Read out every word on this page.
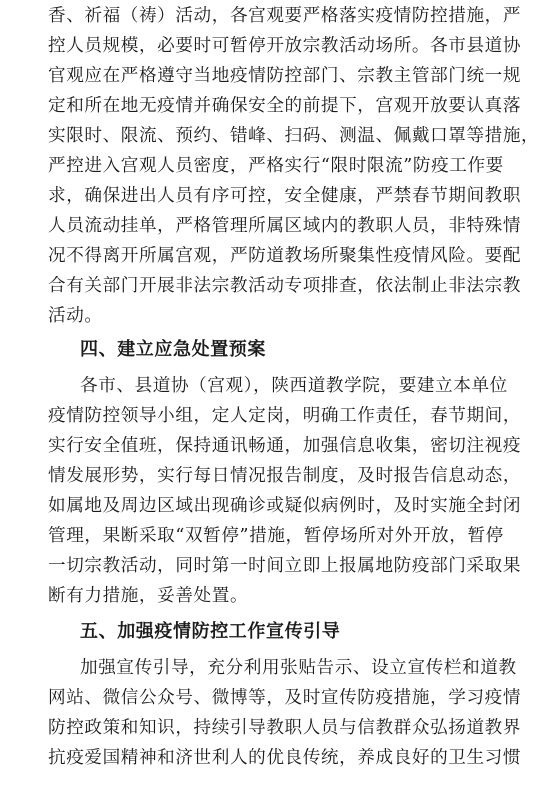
香、祈福（祷）活动，各宫观要严格落实疫情防控措施，严
控人员规模，必要时可暂停开放宗教活动场所。各市县道协
官观应在严格遵守当地疫情防控部门、宗教主管部门统一规
定和所在地无疫情并确保安全的前提下，宫观开放要认真落
实限时、限流、预约、错峰、扫码、测温、佩戴口罩等措施，
严控进入宫观人员密度，严格实行“限时限流”防疫工作要
求，确保进出人员有序可控，安全健康，严禁春节期间教职
人员流动挂单，严格管理所属区域内的教职人员，非特殊情
况不得离开所属宫观，严防道教场所聚集性疫情风险。要配
合有关部门开展非法宗教活动专项排查，依法制止非法宗教
活动。
四、建立应急处置预案
各市、县道协（宫观），陕西道教学院，要建立本单位
疫情防控领导小组，定人定岗，明确工作责任，春节期间，
实行安全值班，保持通讯畅通，加强信息收集，密切注视疫
情发展形势，实行每日情况报告制度，及时报告信息动态，
如属地及周边区域出现确诊或疑似病例时，及时实施全封闭
管理，果断采取“双暂停”措施，暂停场所对外开放，暂停
一切宗教活动，同时第一时间立即上报属地防疫部门采取果
断有力措施，妥善处置。
五、加强疫情防控工作宣传引导
加强宣传引导，充分利用张贴告示、设立宣传栏和道教
网站、微信公众号、微博等，及时宣传防疫措施，学习疫情
防控政策和知识，持续引导教职人员与信教群众弘扬道教界
抗疫爱国精神和济世利人的优良传统，养成良好的卫生习惯
